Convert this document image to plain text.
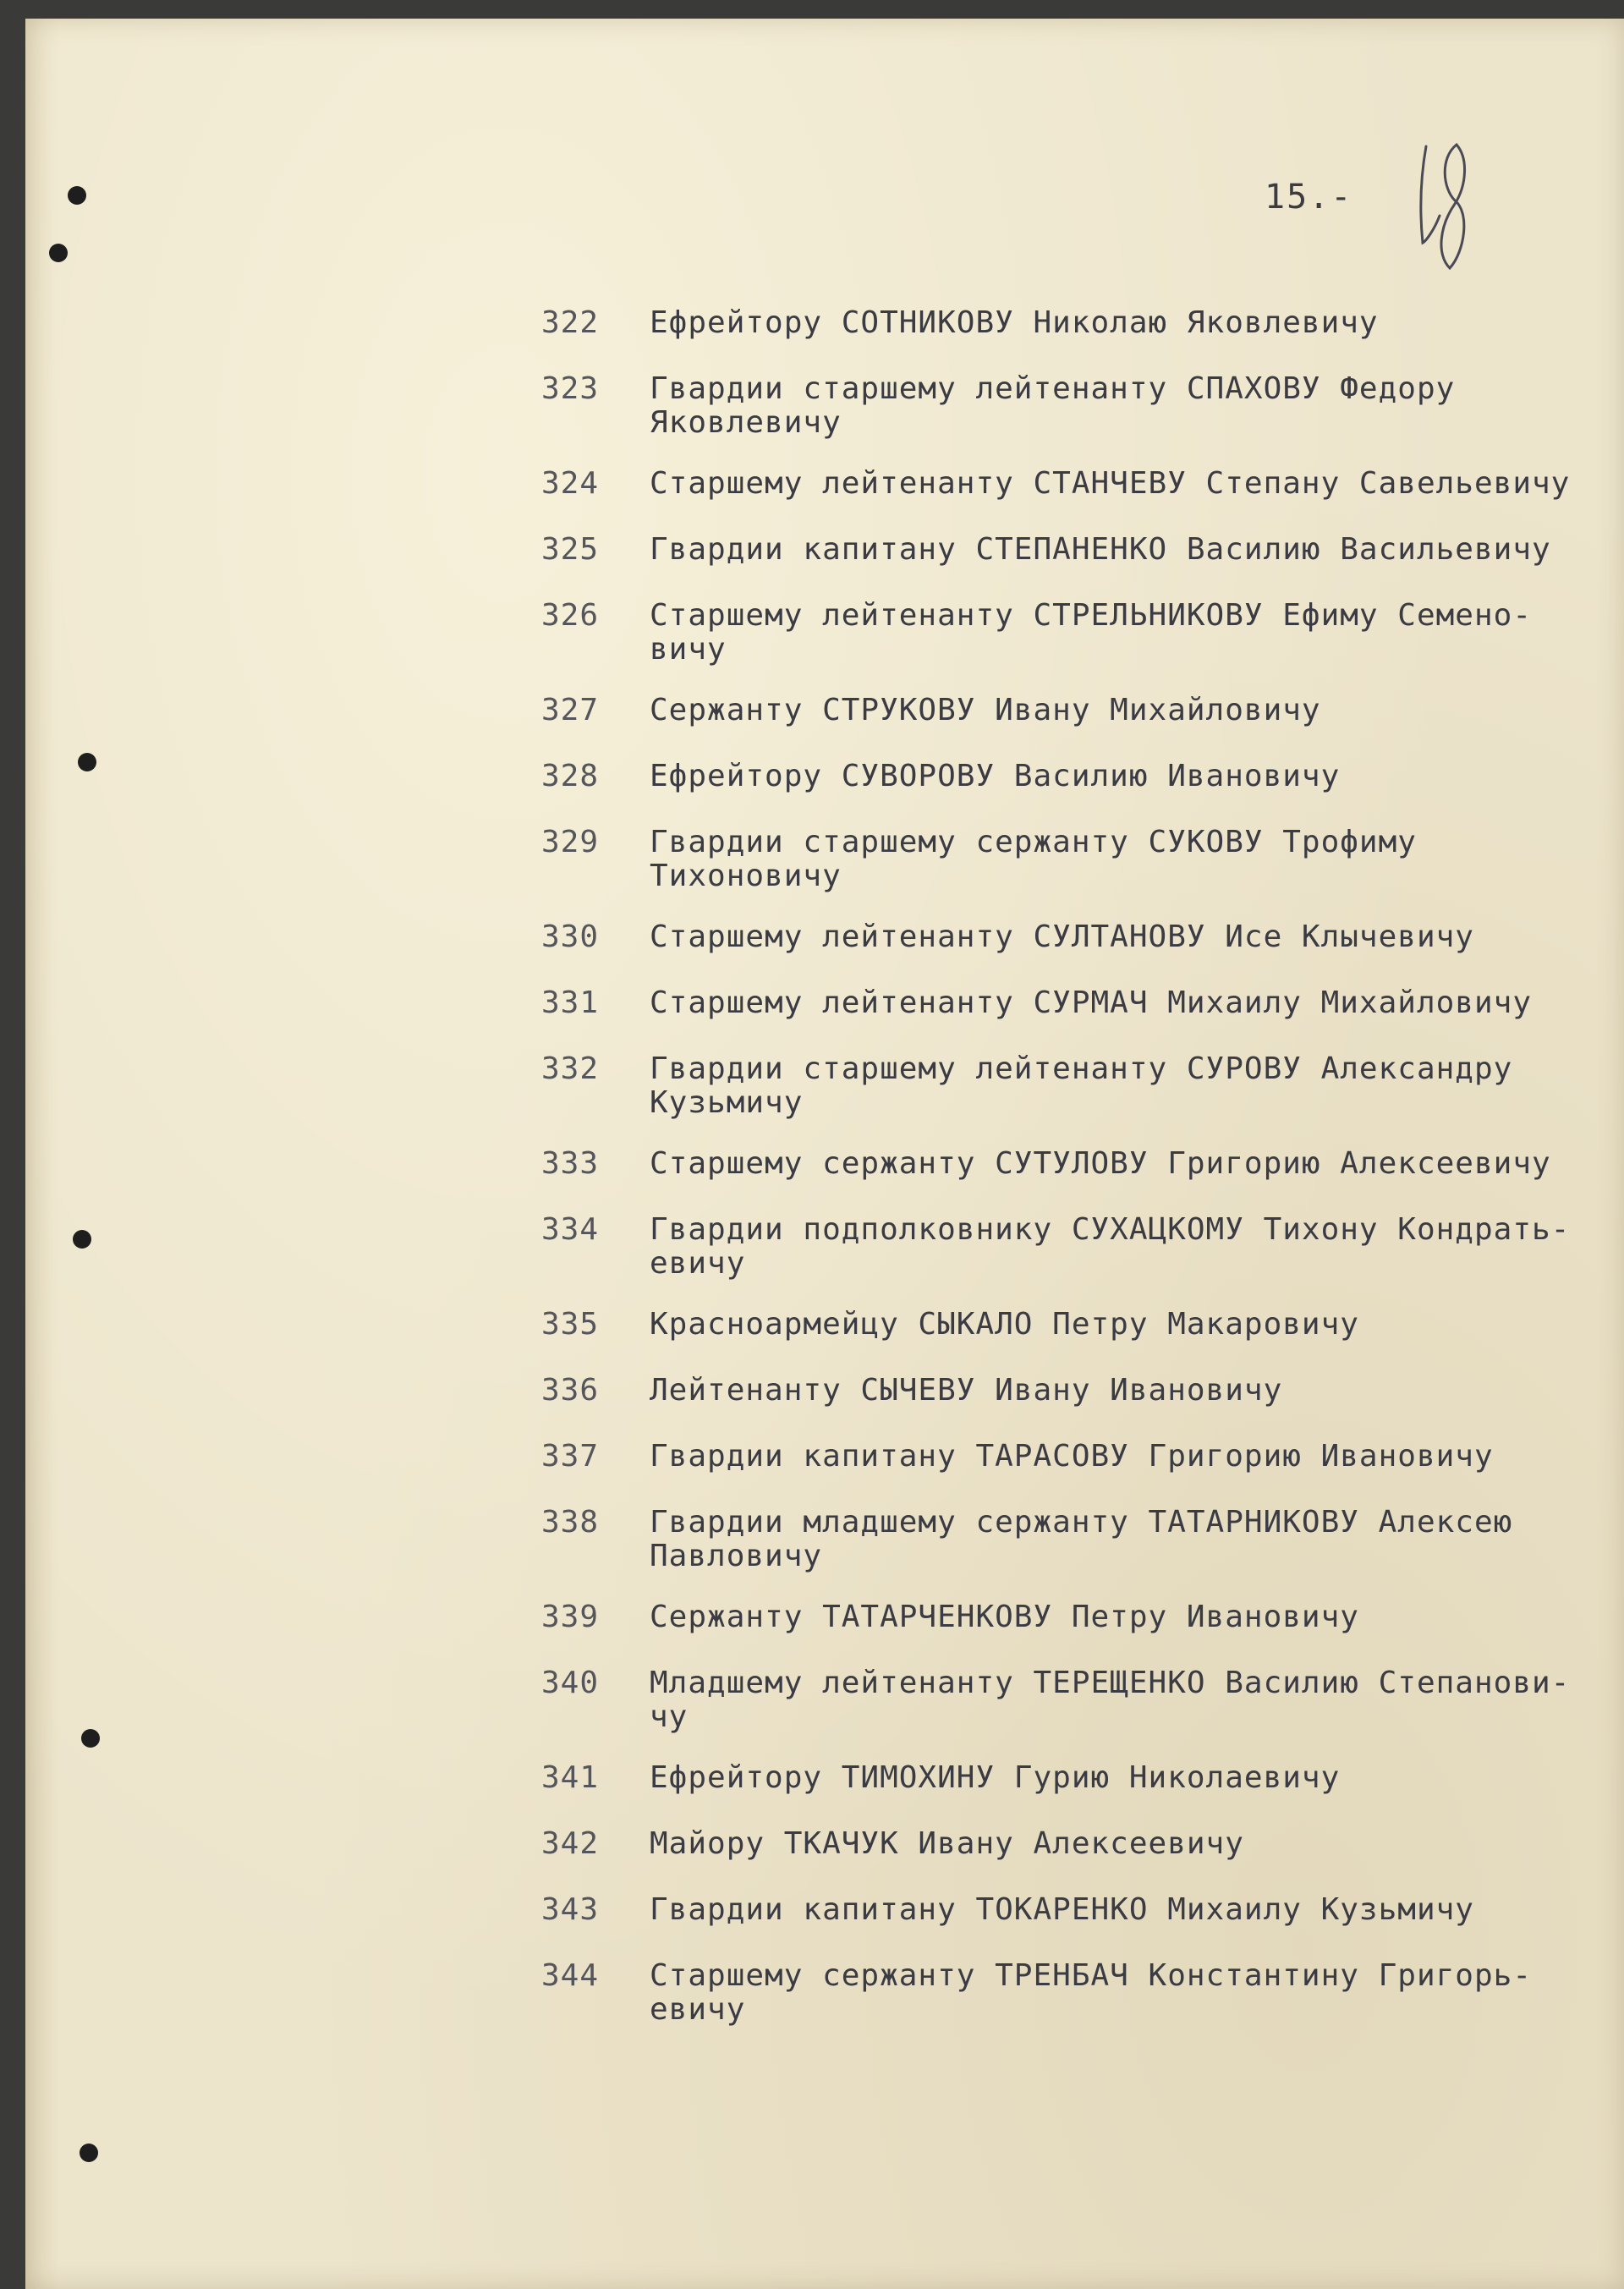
15.-
322	Ефрейтору СОТНИКОВУ Николаю Яковлевичу
323	Гвардии старшему лейтенанту СПАХОВУ Федору
Яковлевичу
324	Старшему лейтенанту СТАНЧЕВУ Степану Савельевичу
325	Гвардии капитану СТЕПАНЕНКО Василию Васильевичу
326	Старшему лейтенанту СТРЕЛЬНИКОВУ Ефиму Семено-
вичу
327	Сержанту СТРУКОВУ Ивану Михайловичу
328	Ефрейтору СУВОРОВУ Василию Ивановичу
329	Гвардии старшему сержанту СУКОВУ Трофиму
Тихоновичу
330	Старшему лейтенанту СУЛТАНОВУ Исе Клычевичу
331	Старшему лейтенанту СУРМАЧ Михаилу Михайловичу
332	Гвардии старшему лейтенанту СУРОВУ Александру
Кузьмичу
333	Старшему сержанту СУТУЛОВУ Григорию Алексеевичу
334	Гвардии подполковнику СУХАЦКОМУ Тихону Кондрать-
евичу
335	Красноармейцу СЫКАЛО Петру Макаровичу
336	Лейтенанту СЫЧЕВУ Ивану Ивановичу
337	Гвардии капитану ТАРАСОВУ Григорию Ивановичу
338	Гвардии младшему сержанту ТАТАРНИКОВУ Алексею
Павловичу
339	Сержанту ТАТАРЧЕНКОВУ Петру Ивановичу
340	Младшему лейтенанту ТЕРЕЩЕНКО Василию Степанови-
чу
341	Ефрейтору ТИМОХИНУ Гурию Николаевичу
342	Майору ТКАЧУК Ивану Алексеевичу
343	Гвардии капитану ТОКАРЕНКО Михаилу Кузьмичу
344	Старшему сержанту ТРЕНБАЧ Константину Григорь-
евичу
